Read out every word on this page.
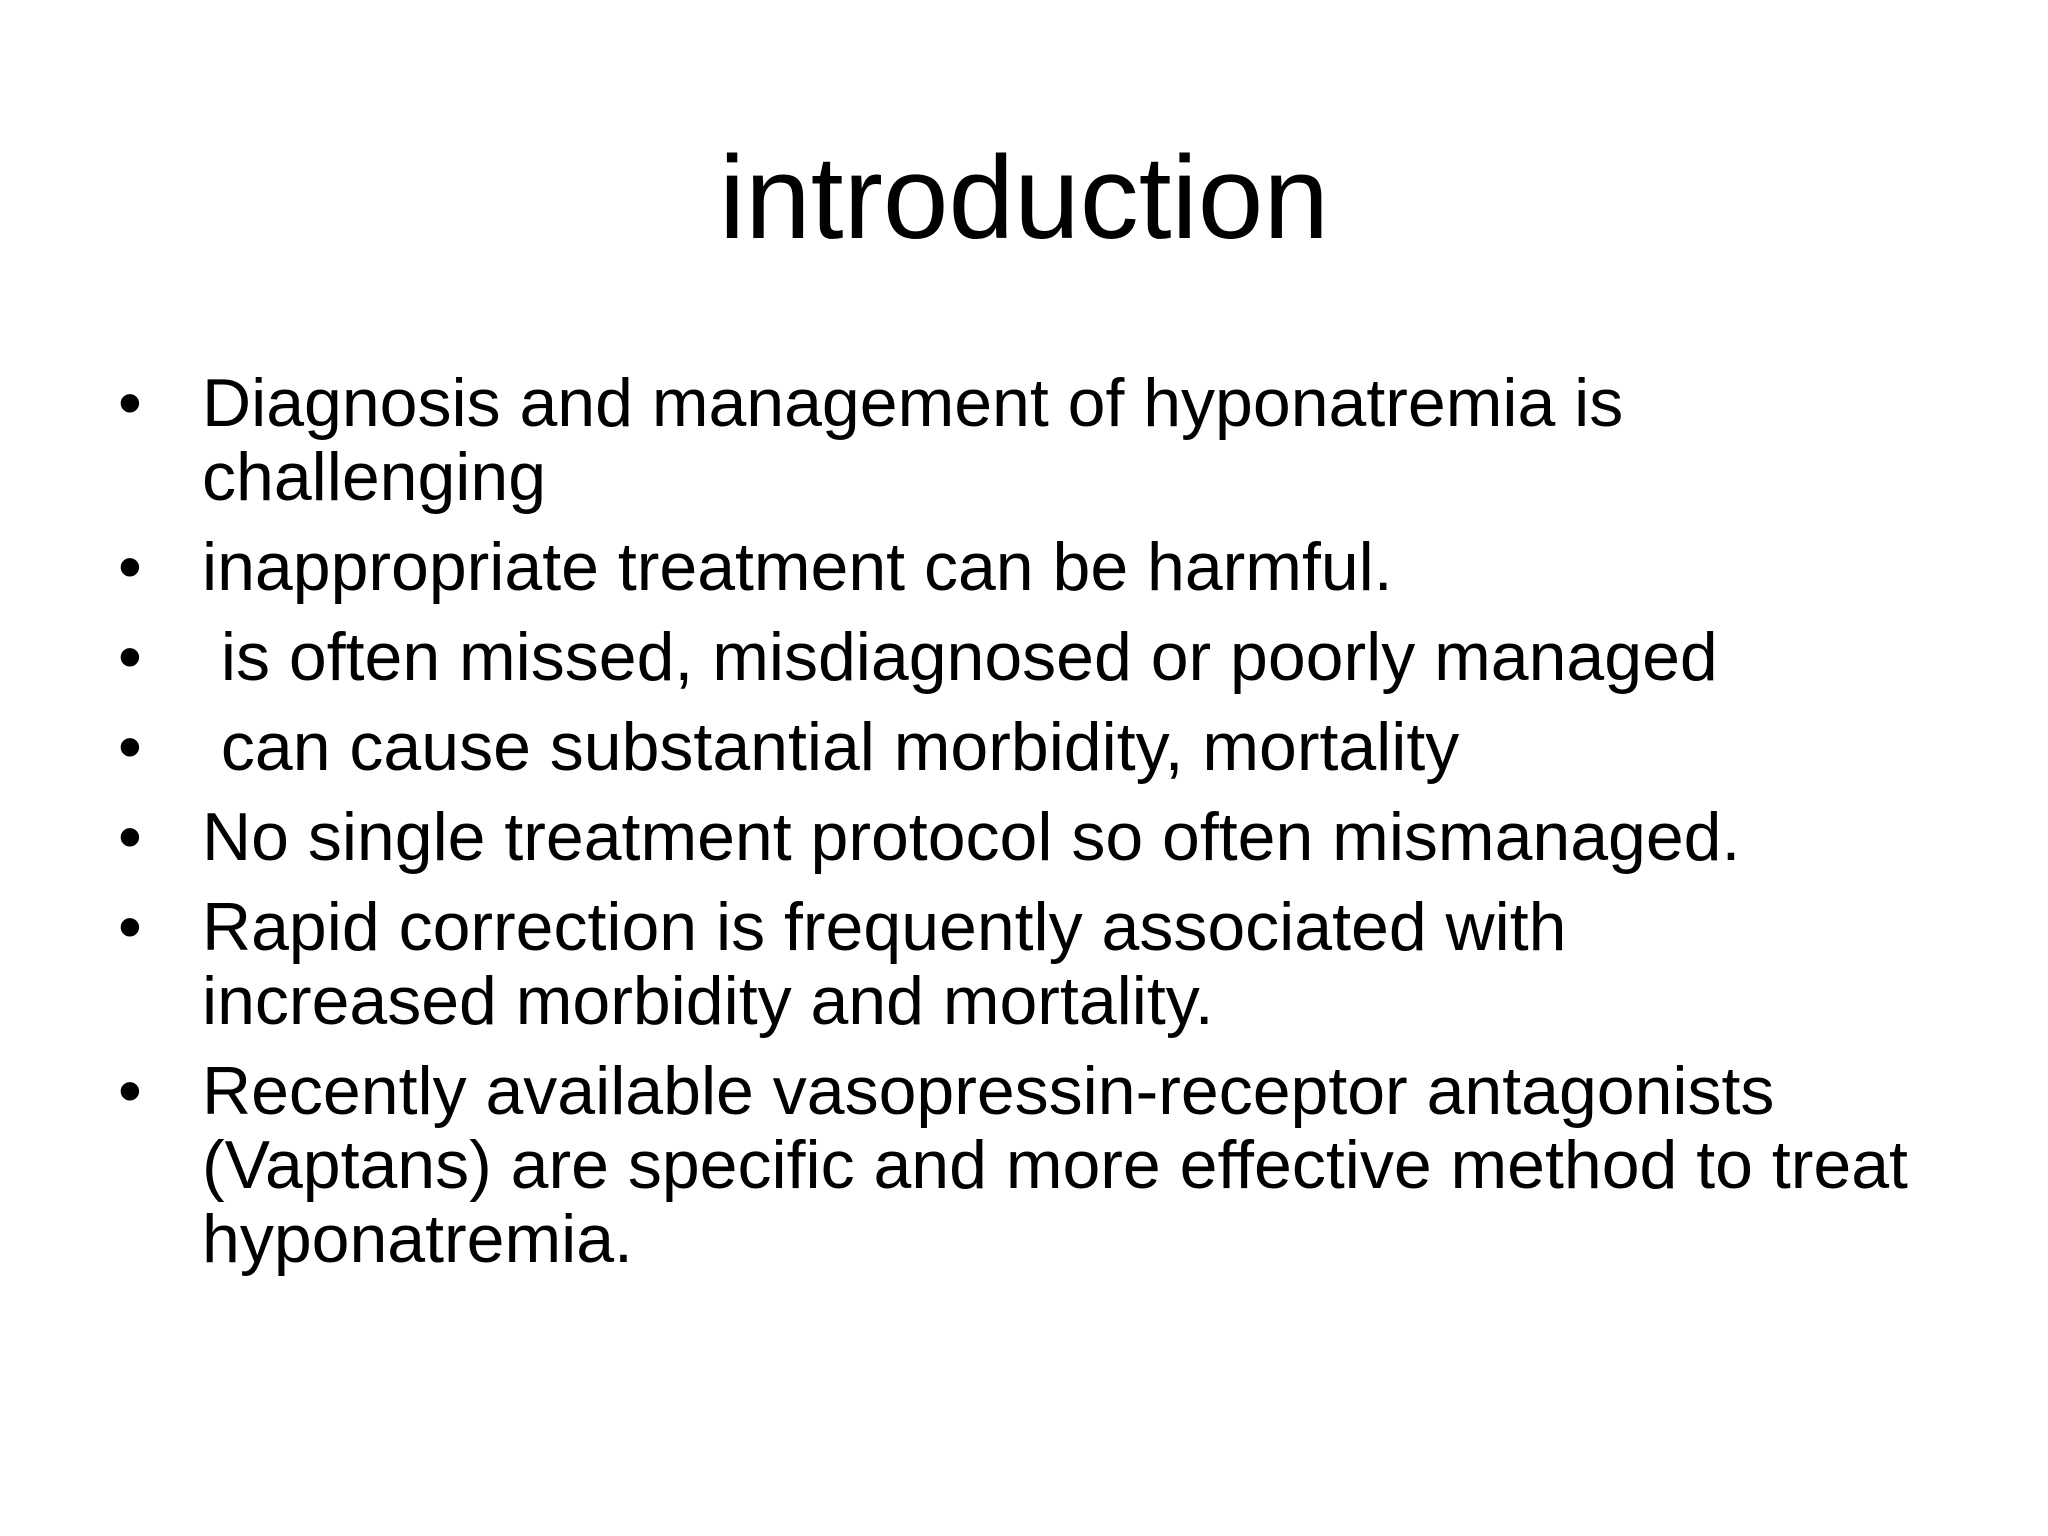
introduction
• Diagnosis and management of hyponatremia is challenging
• inappropriate treatment can be harmful.
• is often missed, misdiagnosed or poorly managed
• can cause substantial morbidity, mortality
• No single treatment protocol so often mismanaged.
• Rapid correction is frequently associated with increased morbidity and mortality.
• Recently available vasopressin-receptor antagonists (Vaptans) are specific and more effective method to treat hyponatremia.
